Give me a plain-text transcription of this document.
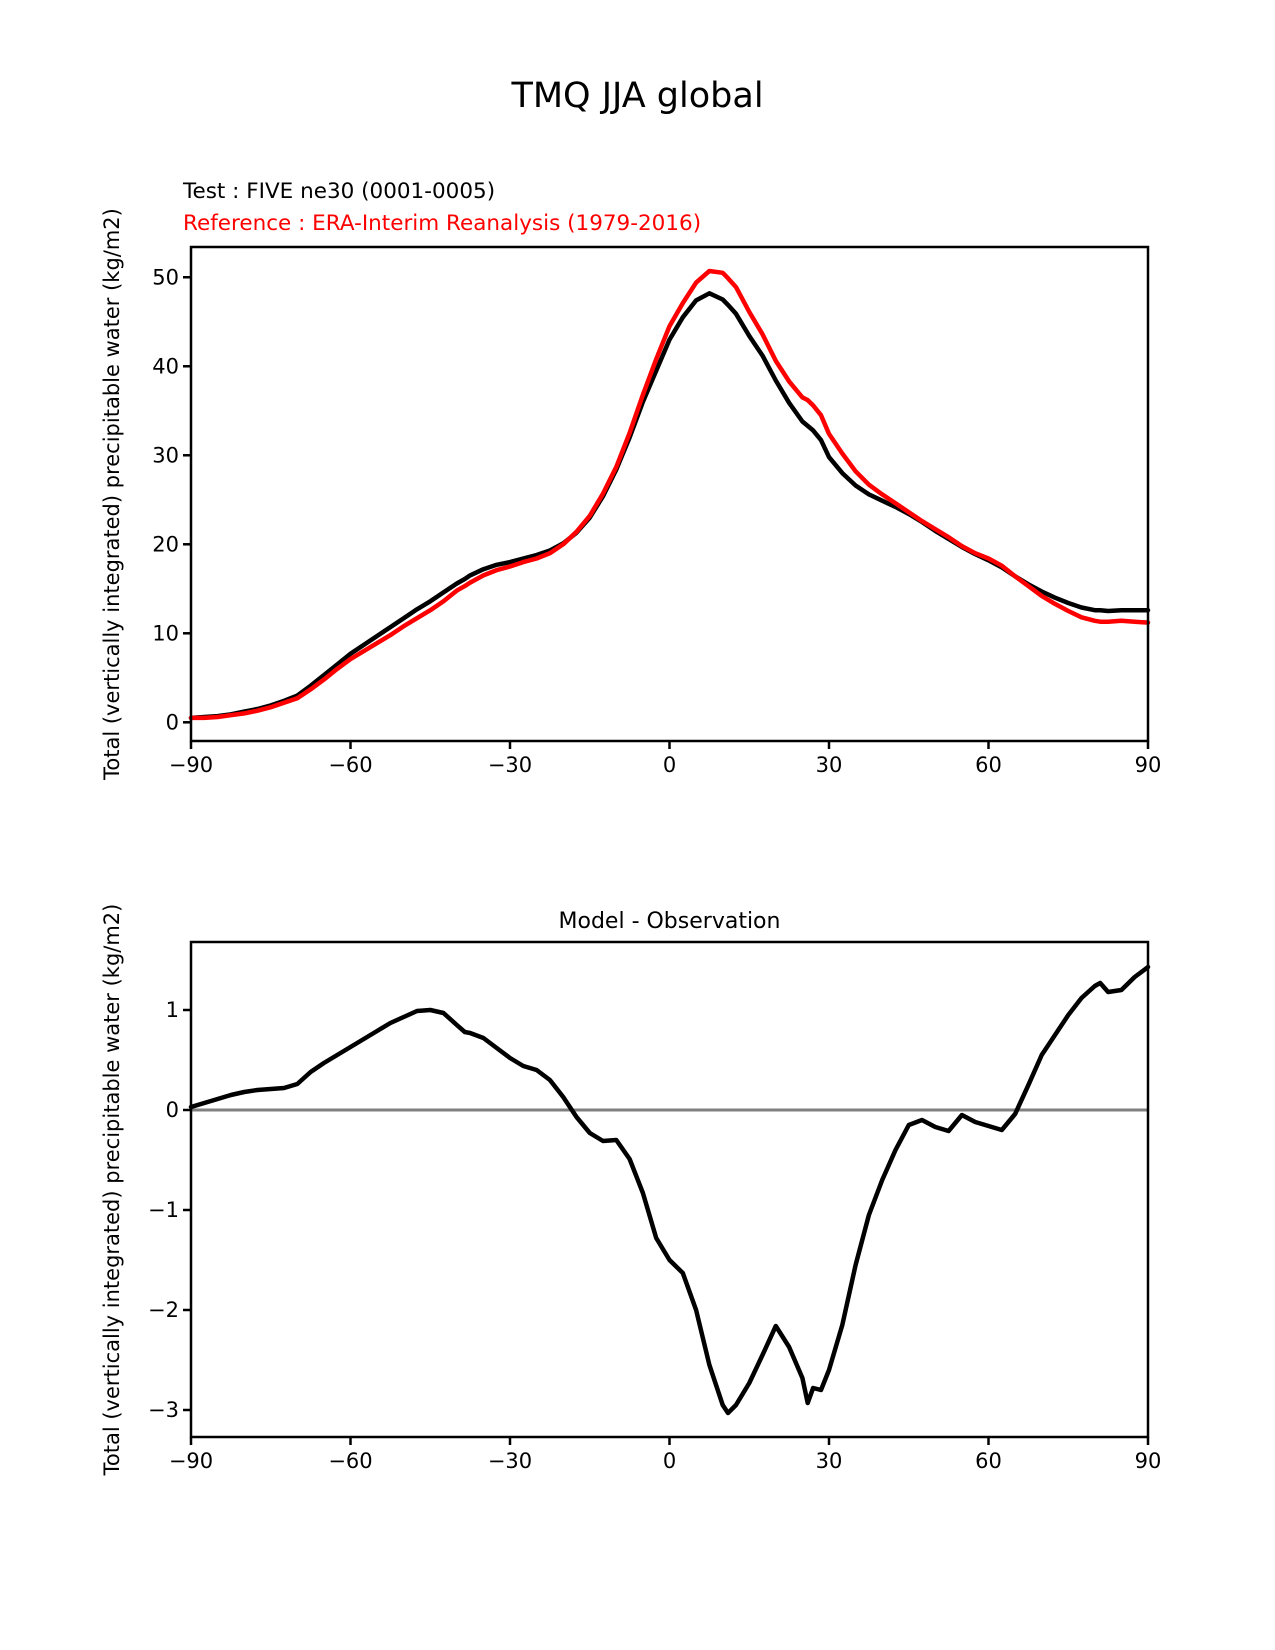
TMQ JJA global
Test : FIVE ne30 (0001-0005)
Reference : ERA-Interim Reanalysis (1979-2016)
−90	−60	−30	0	30	60	90
0
10
20
30
40
50
Total (vertically integrated) precipitable water (kg/m2)
−90	−60	−30	0	30	60	90
1
0
−1
−2
−3
Model - Observation
Total (vertically integrated) precipitable water (kg/m2)
